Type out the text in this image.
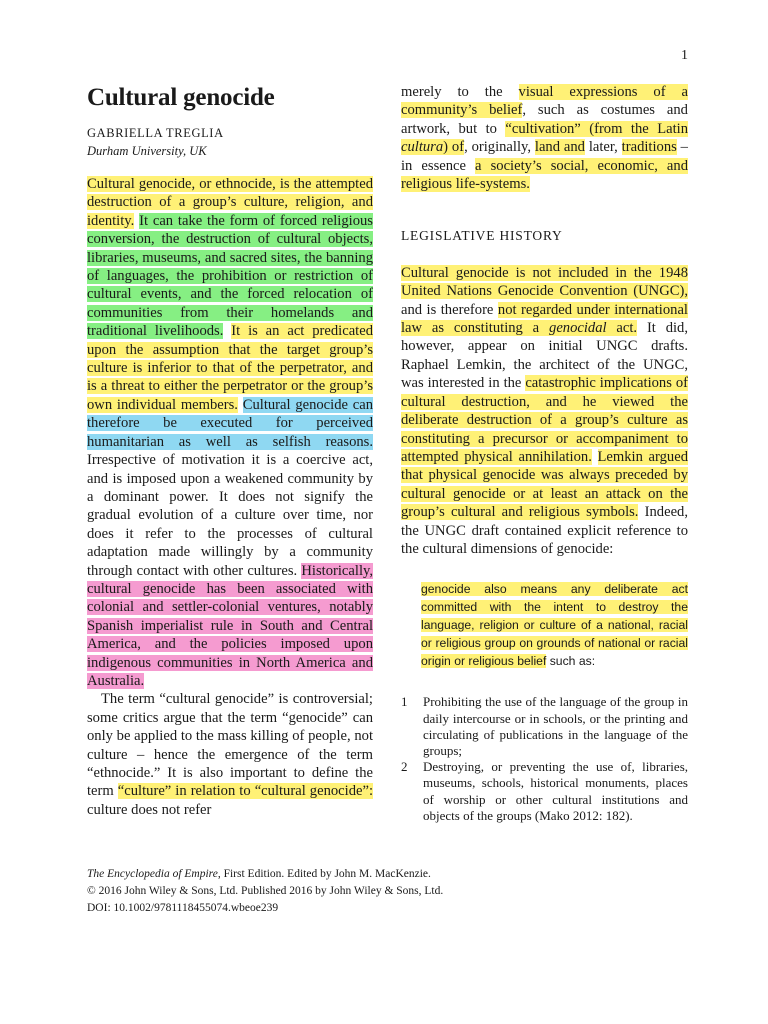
1
Cultural genocide
GABRIELLA TREGLIA
Durham University, UK

Cultural genocide, or ethnocide, is the attempted destruction of a group’s culture, religion, and identity. It can take the form of forced religious conversion, the destruction of cultural objects, libraries, museums, and sacred sites, the banning of languages, the prohibition or restriction of cultural events, and the forced relocation of communities from their homelands and traditional livelihoods. It is an act predicated upon the assumption that the target group’s culture is inferior to that of the perpetrator, and is a threat to either the perpetrator or the group’s own individual members. Cultural genocide can therefore be executed for perceived humanitarian as well as selfish reasons. Irrespective of motivation it is a coercive act, and is imposed upon a weakened community by a dominant power. It does not signify the gradual evolution of a culture over time, nor does it refer to the processes of cultural adaptation made willingly by a community through contact with other cultures. Historically, cultural genocide has been associated with colonial and settler-colonial ventures, notably Spanish imperialist rule in South and Central America, and the policies imposed upon indigenous communities in North America and Australia.

The term “cultural genocide” is controversial; some critics argue that the term “genocide” can only be applied to the mass killing of people, not culture – hence the emergence of the term “ethnocide.” It is also important to define the term “culture” in relation to “cultural genocide”: culture does not refer

merely to the visual expressions of a community’s belief, such as costumes and artwork, but to “cultivation” (from the Latin cultura) of, originally, land and later, traditions – in essence a society’s social, economic, and religious life-systems.

LEGISLATIVE HISTORY

Cultural genocide is not included in the 1948 United Nations Genocide Convention (UNGC), and is therefore not regarded under international law as constituting a genocidal act. It did, however, appear on initial UNGC drafts. Raphael Lemkin, the architect of the UNGC, was interested in the catastrophic implications of cultural destruction, and he viewed the deliberate destruction of a group’s culture as constituting a precursor or accompaniment to attempted physical annihilation. Lemkin argued that physical genocide was always preceded by cultural genocide or at least an attack on the group’s cultural and religious symbols. Indeed, the UNGC draft contained explicit reference to the cultural dimensions of genocide:

genocide also means any deliberate act committed with the intent to destroy the language, religion or culture of a national, racial or religious group on grounds of national or racial origin or religious belief such as:

1	Prohibiting the use of the language of the group in daily intercourse or in schools, or the printing and circulating of publications in the language of the groups;
2	Destroying, or preventing the use of, libraries, museums, schools, historical monuments, places of worship or other cultural institutions and objects of the groups (Mako 2012: 182).
The Encyclopedia of Empire, First Edition. Edited by John M. MacKenzie.
© 2016 John Wiley & Sons, Ltd. Published 2016 by John Wiley & Sons, Ltd.
DOI: 10.1002/9781118455074.wbeoe239
